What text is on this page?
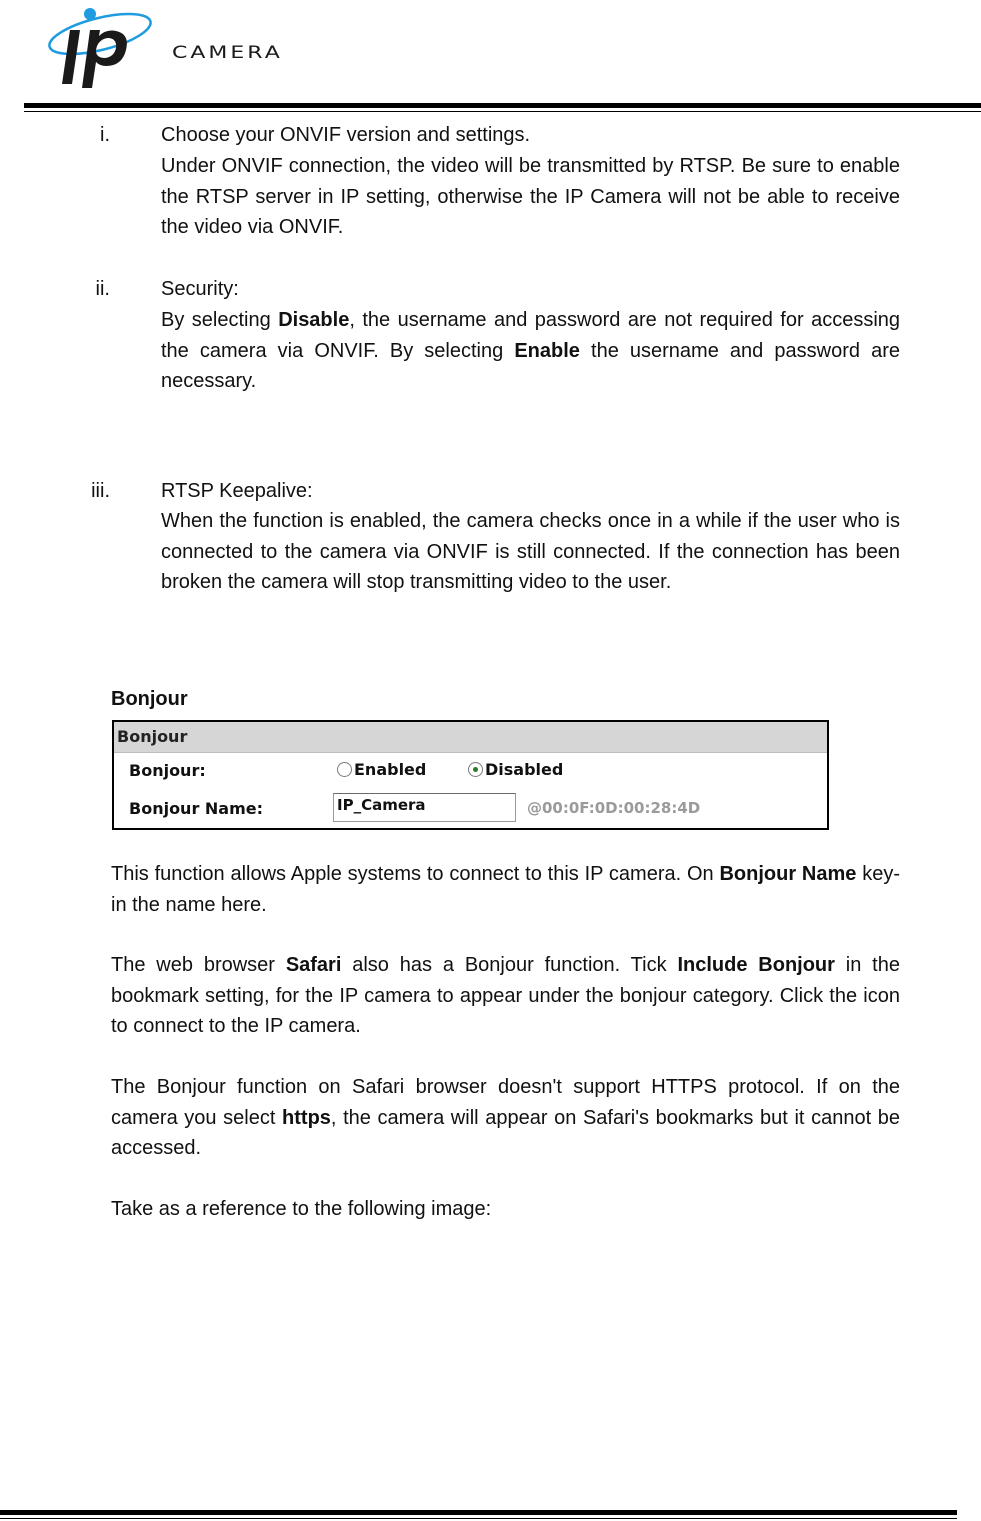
CAMERA
i.	Choose your ONVIF version and settings.
Under ONVIF connection, the video will be transmitted by RTSP. Be sure to enable the RTSP server in IP setting, otherwise the IP Camera will not be able to receive the video via ONVIF.
ii.	Security:
By selecting Disable, the username and password are not required for accessing the camera via ONVIF. By selecting Enable the username and password are necessary.
iii.	RTSP Keepalive:
When the function is enabled, the camera checks once in a while if the user who is connected to the camera via ONVIF is still connected. If the connection has been broken the camera will stop transmitting video to the user.
Bonjour
Bonjour
Bonjour:	Enabled	Disabled
Bonjour Name:	IP_Camera	@00:0F:0D:00:28:4D
This function allows Apple systems to connect to this IP camera. On Bonjour Name key-in the name here.
The web browser Safari also has a Bonjour function. Tick Include Bonjour in the bookmark setting, for the IP camera to appear under the bonjour category. Click the icon to connect to the IP camera.
The Bonjour function on Safari browser doesn't support HTTPS protocol. If on the camera you select https, the camera will appear on Safari's bookmarks but it cannot be accessed.
Take as a reference to the following image:
